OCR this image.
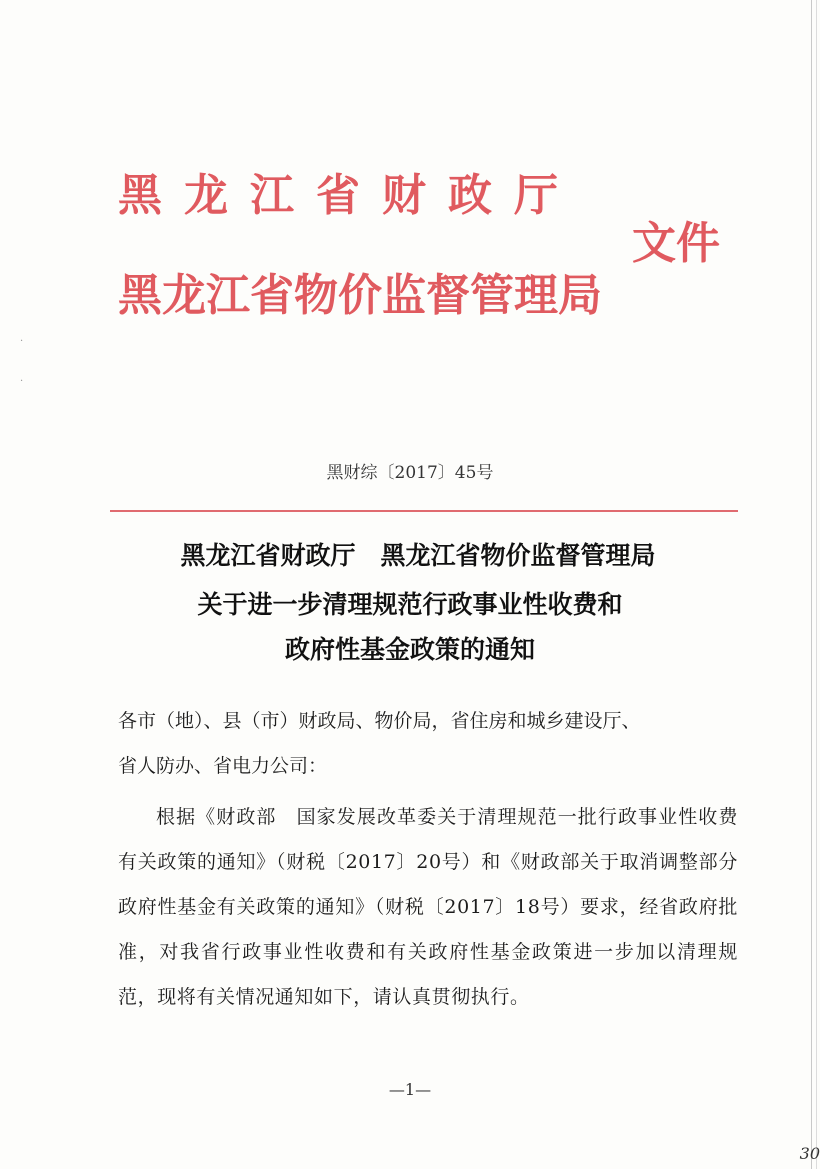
·
·
黑龙江省财政厅
文件
黑龙江省物价监督管理局
黑财综〔2017〕45号
黑龙江省财政厅　黑龙江省物价监督管理局
关于进一步清理规范行政事业性收费和
政府性基金政策的通知
各市（地）、县（市）财政局、物价局，省住房和城乡建设厅、
省人防办、省电力公司：
根据《财政部　国家发展改革委关于清理规范一批行政事业性收费有关政策的通知》（财税〔2017〕20号）和《财政部关于取消调整部分政府性基金有关政策的通知》（财税〔2017〕18号）要求，经省政府批准，对我省行政事业性收费和有关政府性基金政策进一步加以清理规范，现将有关情况通知如下，请认真贯彻执行。
—1—
30
